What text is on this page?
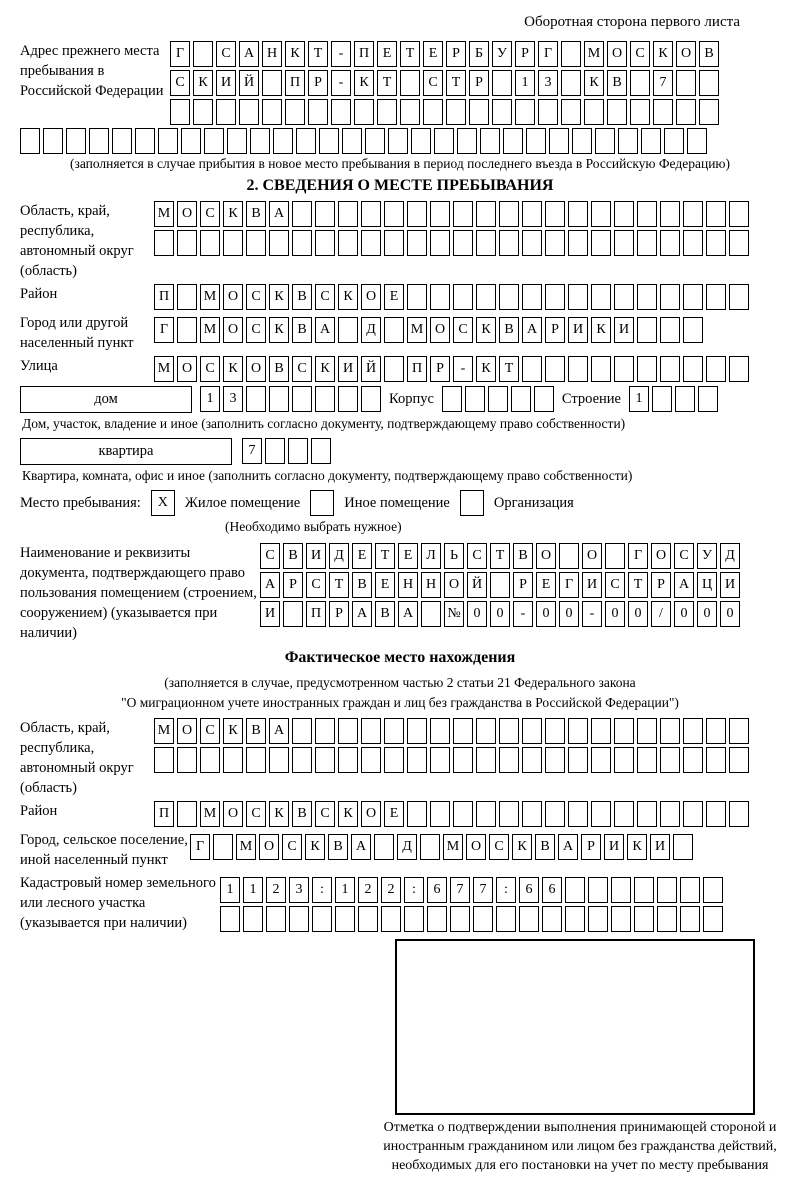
Оборотная сторона первого листа
Адрес прежнего места пребывания в Российской Федерации
Г	С А Н К	Т	-	П Е	Т	Е	Р	Б	У	Р	Г	М О С К О В
С К И Й	П	Р	-	К	Т	С	Т	Р	1	3	К В	7
(заполняется в случае прибытия в новое место пребывания в период последнего въезда в Российскую Федерацию)
2. СВЕДЕНИЯ О МЕСТЕ ПРЕБЫВАНИЯ
Область, край, республика, автономный округ (область)
М О С К В А
Район	П	М О С К В С К О Е
Город или другой населенный пункт
Г	М О С К В А	Д	М О С К В А	Р	И К И
Улица	М О С К О В С К И Й	П	Р	-	К	Т
дом	1	3	Корпус	Строение	1
Дом, участок, владение и иное (заполнить согласно документу, подтверждающему право собственности)
квартира	7
Квартира, комната, офис и иное (заполнить согласно документу, подтверждающему право собственности)
Место пребывания:	X	Жилое помещение	Иное помещение	Организация
(Необходимо выбрать нужное)
Наименование и реквизиты документа, подтверждающего право пользования помещением (строением, сооружением) (указывается при наличии)
С В И Д Е	Т	Е Л	Ь	С	Т	В О	О	Г О С У Д
А	Р	С	Т	В	Е Н Н О Й	Р	Е	Г И С	Т	Р	А Ц И
И	П	Р	А В А	№ 0	0	-	0	0	-	0	0	/	0	0	0
Фактическое место нахождения
(заполняется в случае, предусмотренном частью 2 статьи 21 Федерального закона
"О миграционном учете иностранных граждан и лиц без гражданства в Российской Федерации")
Область, край, республика, автономный округ (область)
М О С К В А
Район	П	М О С К В С К О Е
Город, сельское поселение, иной населенный пункт
Г	М О С К В А	Д	М О С К В А	Р	И К И
Кадастровый номер земельного или лесного участка (указывается при наличии)
1	1	2	3	:	1	2	2	:	6	7	7	:	6	6
Отметка о подтверждении выполнения принимающей стороной и иностранным гражданином или лицом без гражданства действий, необходимых для его постановки на учет по месту пребывания
